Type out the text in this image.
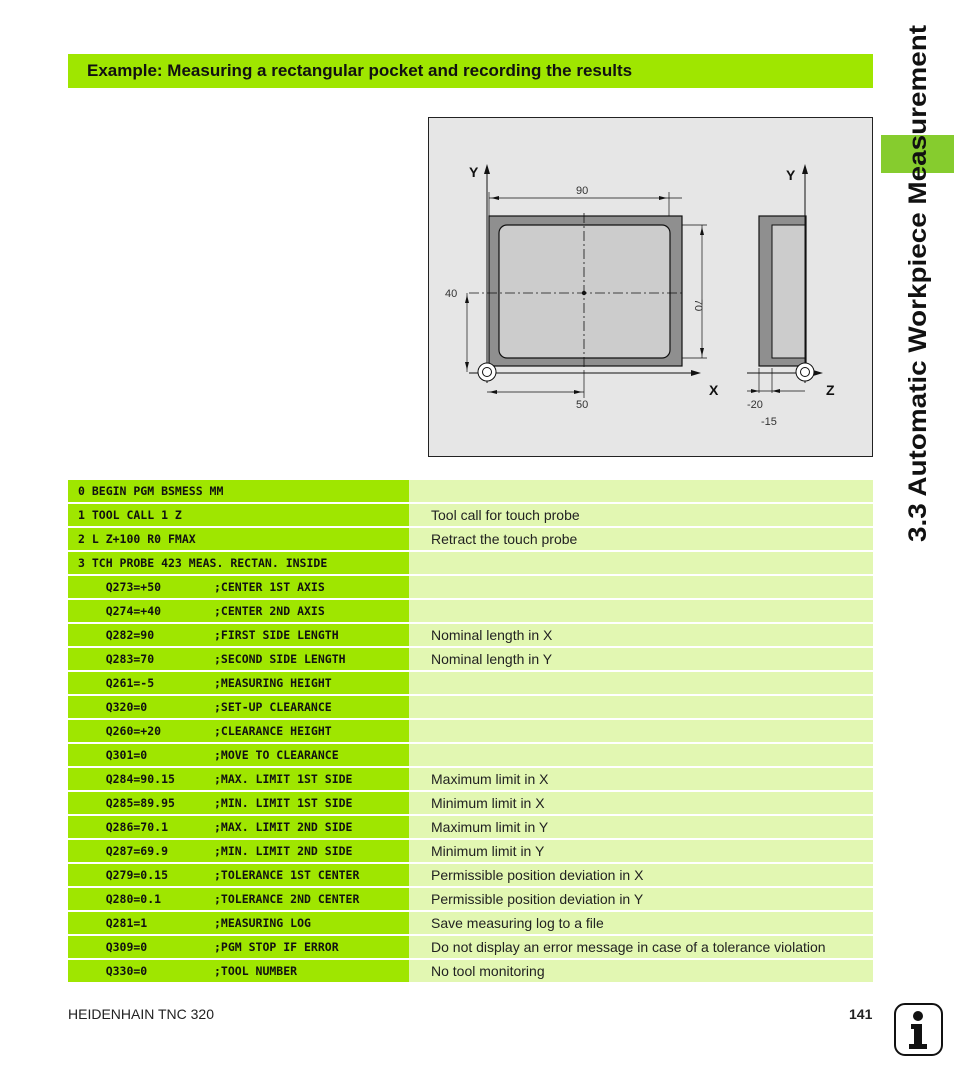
Example: Measuring a rectangular pocket and recording the results
3.3 Automatic Workpiece Measurement
Y
X
Y
Z
90
70
40
50	-20
-15
0 BEGIN PGM BSMESS MM
1 TOOL CALL 1 Z	Tool call for touch probe
2 L Z+100 R0 FMAX	Retract the touch probe
3 TCH PROBE 423 MEAS. RECTAN. INSIDE
Q273=+50	;CENTER 1ST AXIS
Q274=+40	;CENTER 2ND AXIS
Q282=90	;FIRST SIDE LENGTH	Nominal length in X
Q283=70	;SECOND SIDE LENGTH	Nominal length in Y
Q261=-5	;MEASURING HEIGHT
Q320=0	;SET-UP CLEARANCE
Q260=+20	;CLEARANCE HEIGHT
Q301=0	;MOVE TO CLEARANCE
Q284=90.15	;MAX. LIMIT 1ST SIDE	Maximum limit in X
Q285=89.95	;MIN. LIMIT 1ST SIDE	Minimum limit in X
Q286=70.1	;MAX. LIMIT 2ND SIDE	Maximum limit in Y
Q287=69.9	;MIN. LIMIT 2ND SIDE	Minimum limit in Y
Q279=0.15	;TOLERANCE 1ST CENTER	Permissible position deviation in X
Q280=0.1	;TOLERANCE 2ND CENTER	Permissible position deviation in Y
Q281=1	;MEASURING LOG	Save measuring log to a file
Q309=0	;PGM STOP IF ERROR	Do not display an error message in case of a tolerance violation
Q330=0	;TOOL NUMBER	No tool monitoring
HEIDENHAIN TNC 320	141
